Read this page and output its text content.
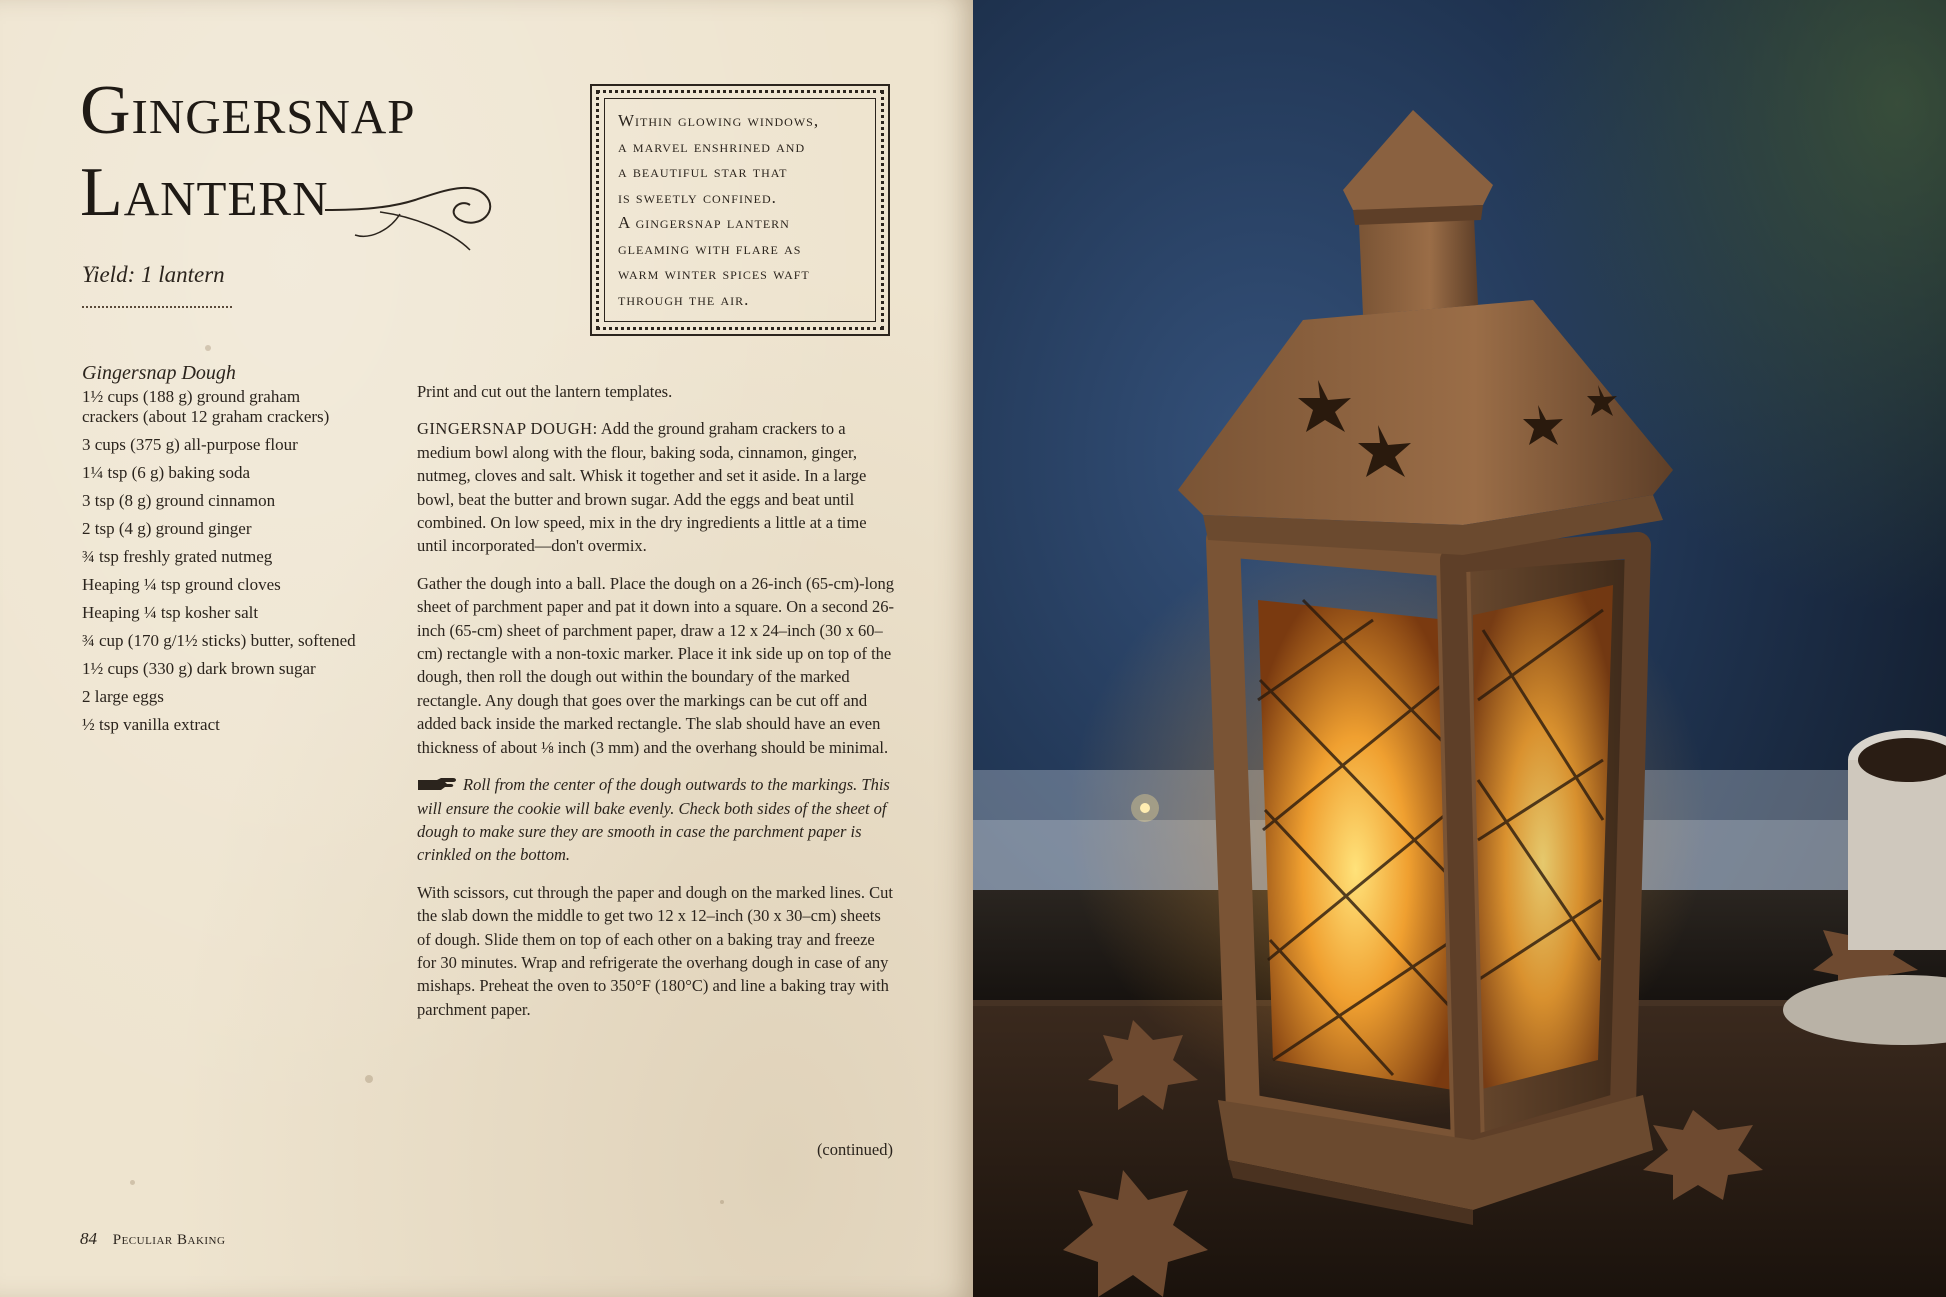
Gingersnap
Lantern
Yield: 1 lantern
Within glowing windows,
a marvel enshrined and
a beautiful star that
is sweetly confined.
A gingersnap lantern
gleaming with flare as
warm winter spices waft
through the air.
Gingersnap Dough
1½ cups (188 g) ground graham crackers (about 12 graham crackers)
3 cups (375 g) all-purpose flour
1¼ tsp (6 g) baking soda
3 tsp (8 g) ground cinnamon
2 tsp (4 g) ground ginger
¾ tsp freshly grated nutmeg
Heaping ¼ tsp ground cloves
Heaping ¼ tsp kosher salt
¾ cup (170 g/1½ sticks) butter, softened
1½ cups (330 g) dark brown sugar
2 large eggs
½ tsp vanilla extract

Print and cut out the lantern templates.

GINGERSNAP DOUGH: Add the ground graham crackers to a medium bowl along with the flour, baking soda, cinnamon, ginger, nutmeg, cloves and salt. Whisk it together and set it aside. In a large bowl, beat the butter and brown sugar. Add the eggs and beat until combined. On low speed, mix in the dry ingredients a little at a time until incorporated—don't overmix.

Gather the dough into a ball. Place the dough on a 26-inch (65-cm)-long sheet of parchment paper and pat it down into a square. On a second 26-inch (65-cm) sheet of parchment paper, draw a 12 x 24–inch (30 x 60–cm) rectangle with a non-toxic marker. Place it ink side up on top of the dough, then roll the dough out within the boundary of the marked rectangle. Any dough that goes over the markings can be cut off and added back inside the marked rectangle. The slab should have an even thickness of about ⅛ inch (3 mm) and the overhang should be minimal.

Roll from the center of the dough outwards to the markings. This will ensure the cookie will bake evenly. Check both sides of the sheet of dough to make sure they are smooth in case the parchment paper is crinkled on the bottom.

With scissors, cut through the paper and dough on the marked lines. Cut the slab down the middle to get two 12 x 12–inch (30 x 30–cm) sheets of dough. Slide them on top of each other on a baking tray and freeze for 30 minutes. Wrap and refrigerate the overhang dough in case of any mishaps. Preheat the oven to 350°F (180°C) and line a baking tray with parchment paper.

(continued)
84 Peculiar Baking
